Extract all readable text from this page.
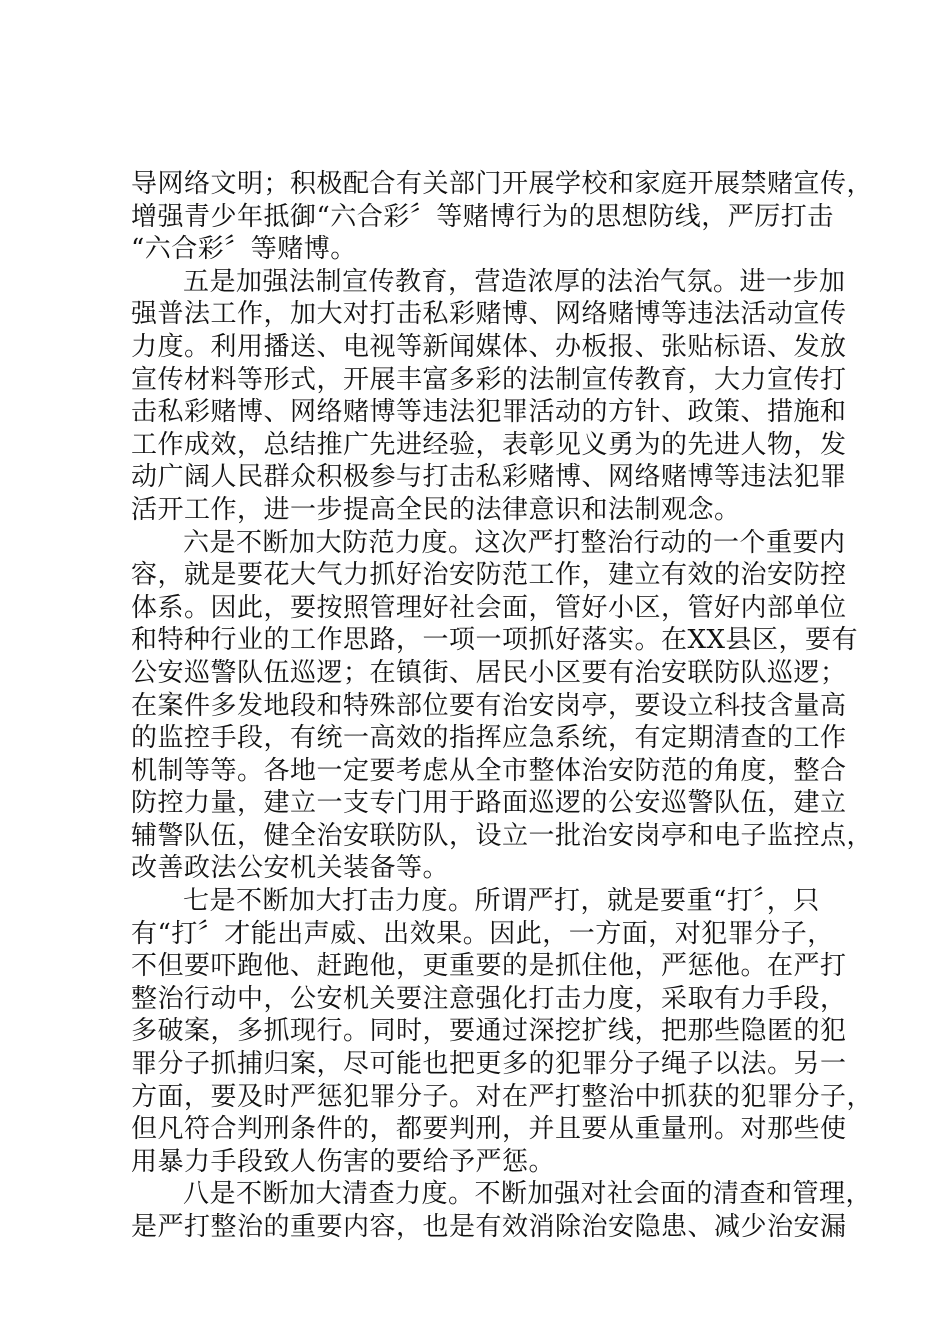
导网络文明；积极配合有关部门开展学校和家庭开展禁赌宣传，
增强青少年抵御“六合彩〞等赌博行为的思想防线，严厉打击
“六合彩〞等赌博。
五是加强法制宣传教育，营造浓厚的法治气氛。进一步加
强普法工作，加大对打击私彩赌博、网络赌博等违法活动宣传
力度。利用播送、电视等新闻媒体、办板报、张贴标语、发放
宣传材料等形式，开展丰富多彩的法制宣传教育，大力宣传打
击私彩赌博、网络赌博等违法犯罪活动的方针、政策、措施和
工作成效，总结推广先进经验，表彰见义勇为的先进人物，发
动广阔人民群众积极参与打击私彩赌博、网络赌博等违法犯罪
活开工作，进一步提高全民的法律意识和法制观念。
六是不断加大防范力度。这次严打整治行动的一个重要内
容，就是要花大气力抓好治安防范工作，建立有效的治安防控
体系。因此，要按照管理好社会面，管好小区，管好内部单位
和特种行业的工作思路，一项一项抓好落实。在XX县区，要有
公安巡警队伍巡逻；在镇街、居民小区要有治安联防队巡逻；
在案件多发地段和特殊部位要有治安岗亭，要设立科技含量高
的监控手段，有统一高效的指挥应急系统，有定期清查的工作
机制等等。各地一定要考虑从全市整体治安防范的角度，整合
防控力量，建立一支专门用于路面巡逻的公安巡警队伍，建立
辅警队伍，健全治安联防队，设立一批治安岗亭和电子监控点，
改善政法公安机关装备等。
七是不断加大打击力度。所谓严打，就是要重“打〞，只
有“打〞才能出声威、出效果。因此，一方面，对犯罪分子，
不但要吓跑他、赶跑他，更重要的是抓住他，严惩他。在严打
整治行动中，公安机关要注意强化打击力度，采取有力手段，
多破案，多抓现行。同时，要通过深挖扩线，把那些隐匿的犯
罪分子抓捕归案，尽可能也把更多的犯罪分子绳子以法。另一
方面，要及时严惩犯罪分子。对在严打整治中抓获的犯罪分子，
但凡符合判刑条件的，都要判刑，并且要从重量刑。对那些使
用暴力手段致人伤害的要给予严惩。
八是不断加大清查力度。不断加强对社会面的清查和管理，
是严打整治的重要内容，也是有效消除治安隐患、减少治安漏
